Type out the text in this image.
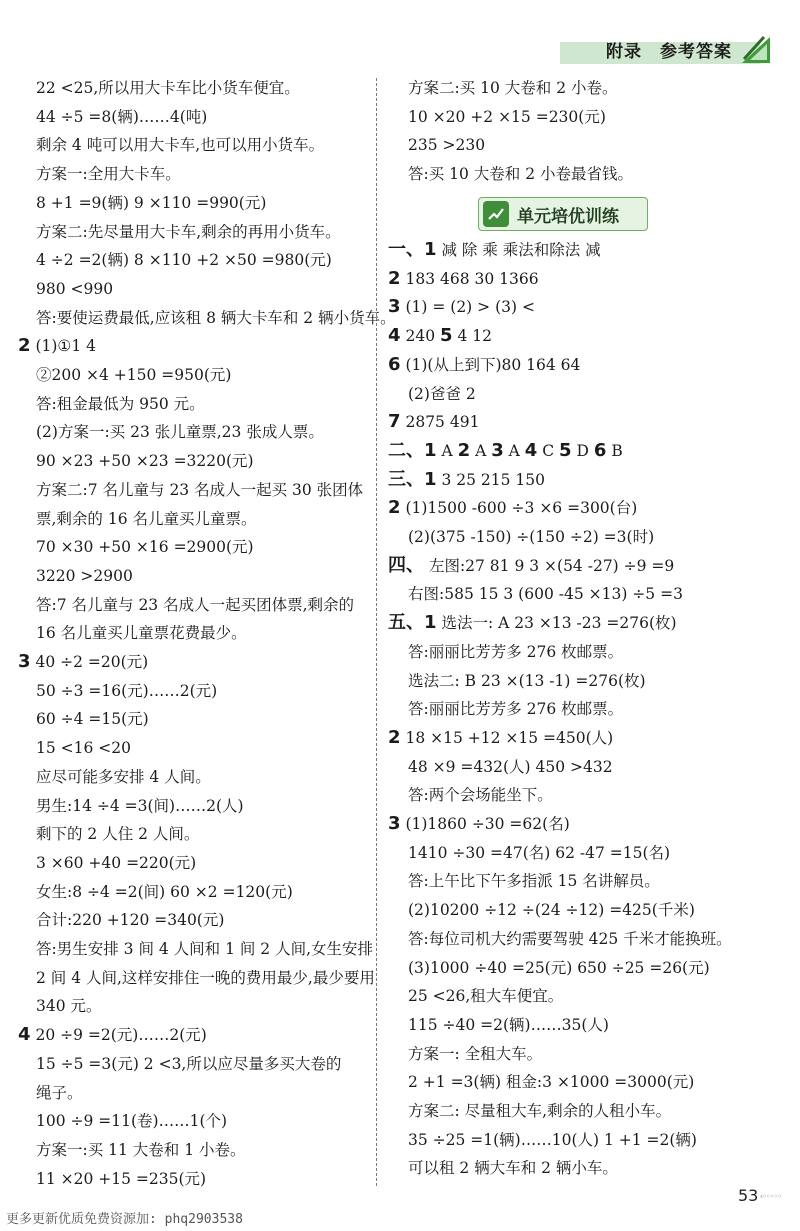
附录 参考答案
22 <25,所以用大卡车比小货车便宜。
44 ÷5 =8(辆)……4(吨)
剩余 4 吨可以用大卡车,也可以用小货车。
方案一:全用大卡车。
8 +1 =9(辆) 9 ×110 =990(元)
方案二:先尽量用大卡车,剩余的再用小货车。
4 ÷2 =2(辆) 8 ×110 +2 ×50 =980(元)
980 <990
答:要使运费最低,应该租 8 辆大卡车和 2 辆小货车。
2 (1)①1 4
②200 ×4 +150 =950(元)
答:租金最低为 950 元。
(2)方案一:买 23 张儿童票,23 张成人票。
90 ×23 +50 ×23 =3220(元)
方案二:7 名儿童与 23 名成人一起买 30 张团体
票,剩余的 16 名儿童买儿童票。
70 ×30 +50 ×16 =2900(元)
3220 >2900
答:7 名儿童与 23 名成人一起买团体票,剩余的
16 名儿童买儿童票花费最少。
3 40 ÷2 =20(元)
50 ÷3 =16(元)……2(元)
60 ÷4 =15(元)
15 <16 <20
应尽可能多安排 4 人间。
男生:14 ÷4 =3(间)……2(人)
剩下的 2 人住 2 人间。
3 ×60 +40 =220(元)
女生:8 ÷4 =2(间) 60 ×2 =120(元)
合计:220 +120 =340(元)
答:男生安排 3 间 4 人间和 1 间 2 人间,女生安排
2 间 4 人间,这样安排住一晚的费用最少,最少要用
340 元。
4 20 ÷9 =2(元)……2(元)
15 ÷5 =3(元) 2 <3,所以应尽量多买大卷的
绳子。
100 ÷9 =11(卷)……1(个)
方案一:买 11 大卷和 1 小卷。
11 ×20 +15 =235(元)
方案二:买 10 大卷和 2 小卷。
10 ×20 +2 ×15 =230(元)
235 >230
答:买 10 大卷和 2 小卷最省钱。
一、1 减 除 乘 乘法和除法 减
2 183 468 30 1366
3 (1) = (2) > (3) <
4 240 5 4 12
6 (1)(从上到下)80 164 64
(2)爸爸 2
7 2875 491
二、1 A 2 A 3 A 4 C 5 D 6 B
三、1 3 25 215 150
2 (1)1500 -600 ÷3 ×6 =300(台)
(2)(375 -150) ÷(150 ÷2) =3(时)
四、 左图:27 81 9 3 ×(54 -27) ÷9 =9
右图:585 15 3 (600 -45 ×13) ÷5 =3
五、1 选法一: A 23 ×13 -23 =276(枚)
答:丽丽比芳芳多 276 枚邮票。
选法二: B 23 ×(13 -1) =276(枚)
答:丽丽比芳芳多 276 枚邮票。
2 18 ×15 +12 ×15 =450(人)
48 ×9 =432(人) 450 >432
答:两个会场能坐下。
3 (1)1860 ÷30 =62(名)
1410 ÷30 =47(名) 62 -47 =15(名)
答:上午比下午多指派 15 名讲解员。
(2)10200 ÷12 ÷(24 ÷12) =425(千米)
答:每位司机大约需要驾驶 425 千米才能换班。
(3)1000 ÷40 =25(元) 650 ÷25 =26(元)
25 <26,租大车便宜。
115 ÷40 =2(辆)……35(人)
方案一: 全租大车。
2 +1 =3(辆) 租金:3 ×1000 =3000(元)
方案二: 尽量租大车,剩余的人租小车。
35 ÷25 =1(辆)……10(人) 1 +1 =2(辆)
可以租 2 辆大车和 2 辆小车。
单元培优训练
更多更新优质免费资源加: phq2903538
53 ‹◦◦◦◦◦
